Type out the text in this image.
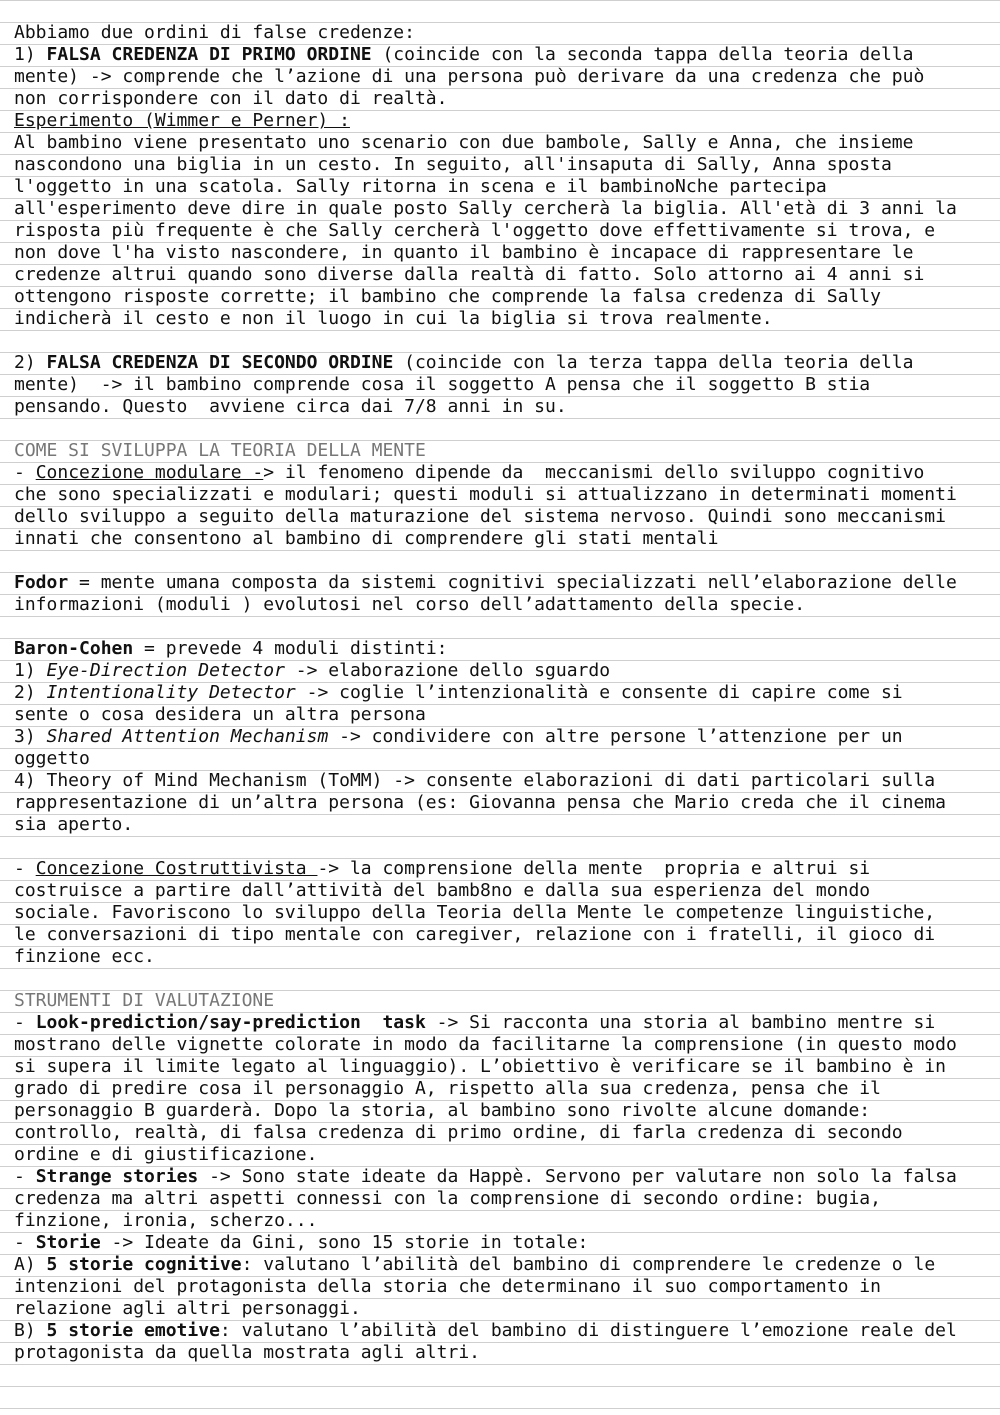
Abbiamo due ordini di false credenze:
1) FALSA CREDENZA DI PRIMO ORDINE (coincide con la seconda tappa della teoria della
mente) -> comprende che l’azione di una persona può derivare da una credenza che può
non corrispondere con il dato di realtà.
Esperimento (Wimmer e Perner) :
Al bambino viene presentato uno scenario con due bambole, Sally e Anna, che insieme
nascondono una biglia in un cesto. In seguito, all'insaputa di Sally, Anna sposta
l'oggetto in una scatola. Sally ritorna in scena e il bambinoNche partecipa
all'esperimento deve dire in quale posto Sally cercherà la biglia. All'età di 3 anni la
risposta più frequente è che Sally cercherà l'oggetto dove effettivamente si trova, e
non dove l'ha visto nascondere, in quanto il bambino è incapace di rappresentare le
credenze altrui quando sono diverse dalla realtà di fatto. Solo attorno ai 4 anni si
ottengono risposte corrette; il bambino che comprende la falsa credenza di Sally
indicherà il cesto e non il luogo in cui la biglia si trova realmente.
2) FALSA CREDENZA DI SECONDO ORDINE (coincide con la terza tappa della teoria della
mente)  -> il bambino comprende cosa il soggetto A pensa che il soggetto B stia
pensando. Questo  avviene circa dai 7/8 anni in su.
COME SI SVILUPPA LA TEORIA DELLA MENTE
- Concezione modulare -> il fenomeno dipende da  meccanismi dello sviluppo cognitivo
che sono specializzati e modulari; questi moduli si attualizzano in determinati momenti
dello sviluppo a seguito della maturazione del sistema nervoso. Quindi sono meccanismi
innati che consentono al bambino di comprendere gli stati mentali
Fodor = mente umana composta da sistemi cognitivi specializzati nell’elaborazione delle
informazioni (moduli ) evolutosi nel corso dell’adattamento della specie.
Baron-Cohen = prevede 4 moduli distinti:
1) Eye-Direction Detector -> elaborazione dello sguardo
2) Intentionality Detector -> coglie l’intenzionalità e consente di capire come si
sente o cosa desidera un altra persona
3) Shared Attention Mechanism -> condividere con altre persone l’attenzione per un
oggetto
4) Theory of Mind Mechanism (ToMM) -> consente elaborazioni di dati particolari sulla
rappresentazione di un’altra persona (es: Giovanna pensa che Mario creda che il cinema
sia aperto.
- Concezione Costruttivista -> la comprensione della mente  propria e altrui si
costruisce a partire dall’attività del bamb8no e dalla sua esperienza del mondo
sociale. Favoriscono lo sviluppo della Teoria della Mente le competenze linguistiche,
le conversazioni di tipo mentale con caregiver, relazione con i fratelli, il gioco di
finzione ecc.
STRUMENTI DI VALUTAZIONE
- Look-prediction/say-prediction  task -> Si racconta una storia al bambino mentre si
mostrano delle vignette colorate in modo da facilitarne la comprensione (in questo modo
si supera il limite legato al linguaggio). L’obiettivo è verificare se il bambino è in
grado di predire cosa il personaggio A, rispetto alla sua credenza, pensa che il
personaggio B guarderà. Dopo la storia, al bambino sono rivolte alcune domande:
controllo, realtà, di falsa credenza di primo ordine, di farla credenza di secondo
ordine e di giustificazione.
- Strange stories -> Sono state ideate da Happè. Servono per valutare non solo la falsa
credenza ma altri aspetti connessi con la comprensione di secondo ordine: bugia,
finzione, ironia, scherzo...
- Storie -> Ideate da Gini, sono 15 storie in totale:
A) 5 storie cognitive: valutano l’abilità del bambino di comprendere le credenze o le
intenzioni del protagonista della storia che determinano il suo comportamento in
relazione agli altri personaggi.
B) 5 storie emotive: valutano l’abilità del bambino di distinguere l’emozione reale del
protagonista da quella mostrata agli altri.
